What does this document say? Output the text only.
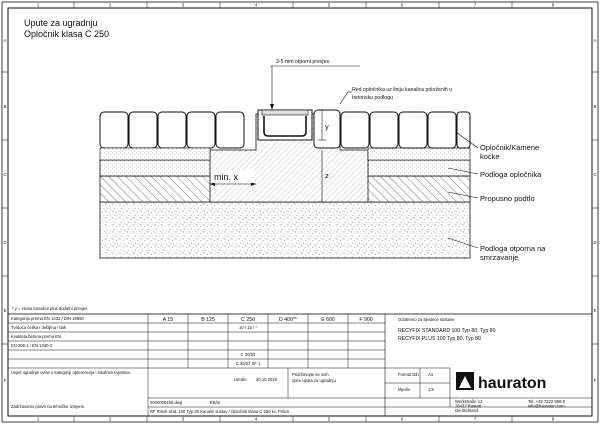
1	2	3	4	5	6	7	8
1	2	3	4	5	6	7	8
A
B
C
D
E
F
A
B
C
D
E
F
Upute za ugradnju
Opločnik klasa C 250
3-5 mm otporni prevjes
Red opločnika uz liniju kanalica položenih u
betonsku podlogu
y
z
min. x
Opločnik/Kamene
kocke
Podloga opločnika
Propusno podtlo
Podloga otporna na
smrzavanje
* y = visina kanalice plus dodatni prevjes
A 15	B 125	C 250	D 400**	E 600	F 900
Kategorija prema EN 1433 / DIN 19580
Tvrdoća čelika / debljina / tlak	10 / 15 / *
Kvaliteta betona prema EN
EN 206-1 / EN 1340-2
C 20/25
C 30/37 XF 1
Uvjeti ugradnje ovise o kategoriji opterećenja i lokalnim uvjetima.
Odobreno za sljedeće sustave
RECYFIX STANDARD 100 Typ 80, Typ 80
RECYFIX PLUS 100 Typ 80, Typ 80
0000005455.dwg
Uredio 20.10.2018
EB/m
Pridržavajte se ovih
opće uputa za ugradnju
Format Dih A4
Mjerilo	1:5	hauraton
Werkstraße 13
76437 Rastatt
Deutschland
Tel. +49 7222 958-0
info@hauraton.com
RF Rinok Stat. 100 Typ 80 Kanalni sustav / Opločnik klasa C 250 kv. Prilozi
Zadržavamo pravo na tehničke izmjene.
